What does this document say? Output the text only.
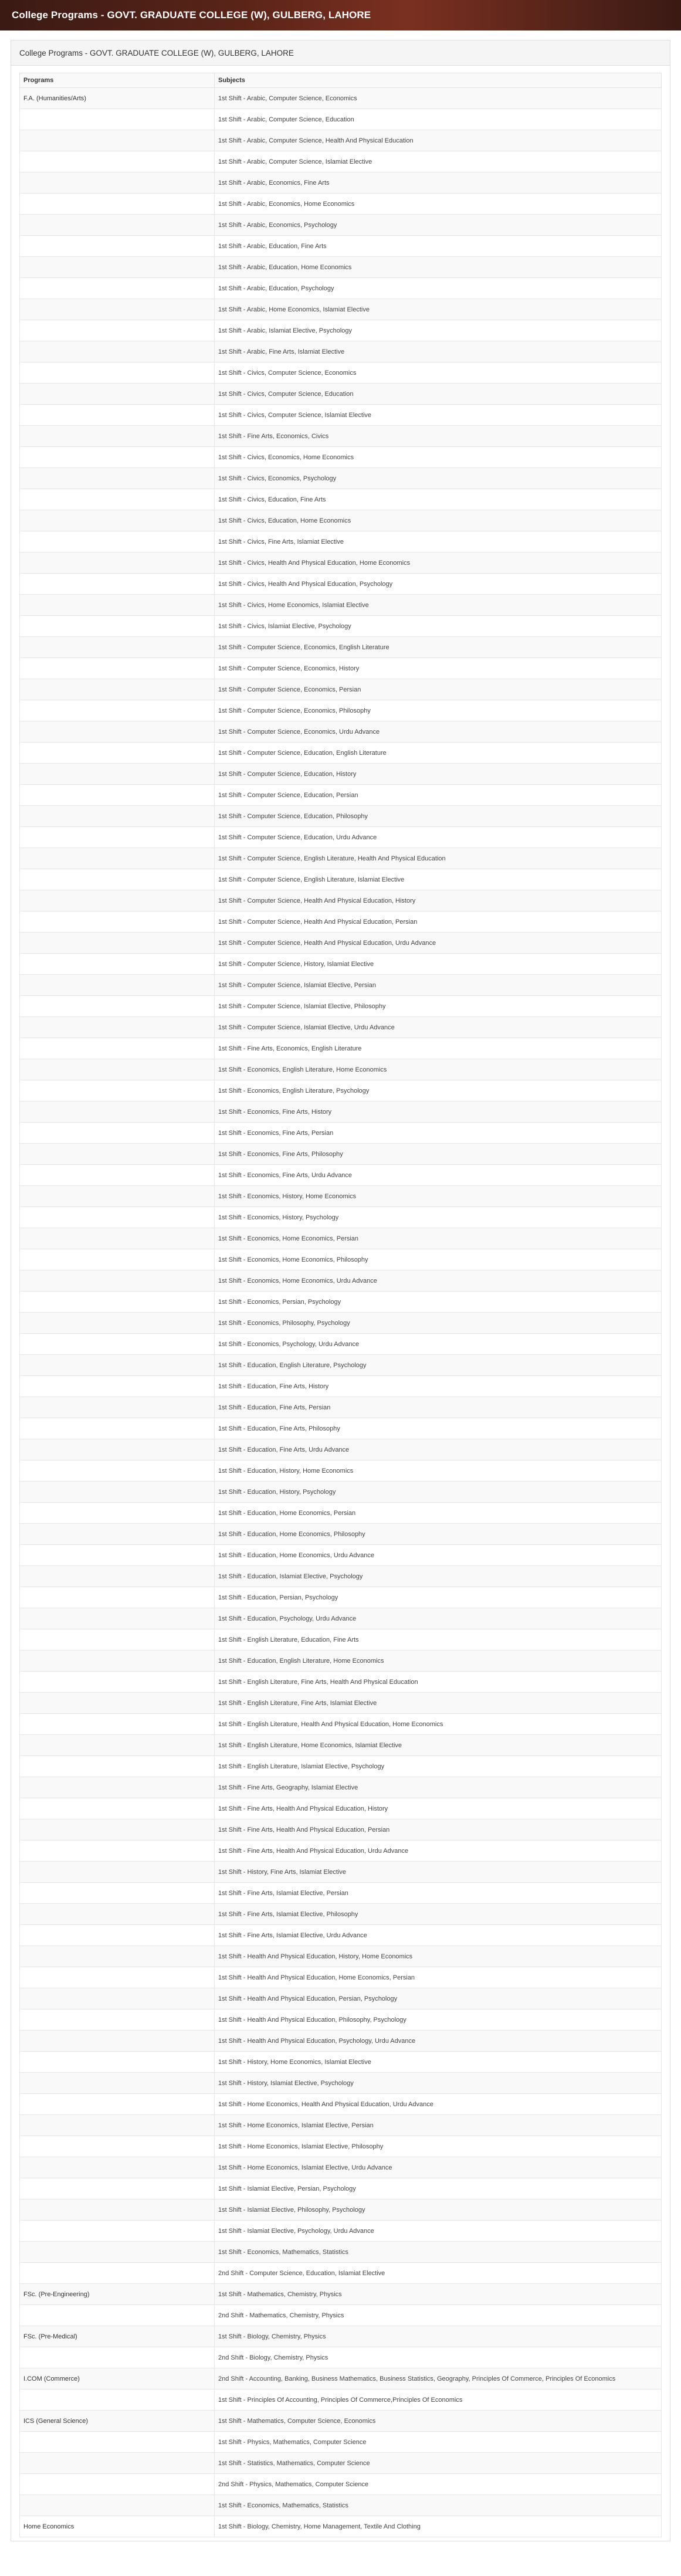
College Programs - GOVT. GRADUATE COLLEGE (W), GULBERG, LAHORE
College Programs - GOVT. GRADUATE COLLEGE (W), GULBERG, LAHORE
Programs	Subjects
F.A. (Humanities/Arts)	1st Shift - Arabic, Computer Science, Economics
	1st Shift - Arabic, Computer Science, Education
	1st Shift - Arabic, Computer Science, Health And Physical Education
	1st Shift - Arabic, Computer Science, Islamiat Elective
	1st Shift - Arabic, Economics, Fine Arts
	1st Shift - Arabic, Economics, Home Economics
	1st Shift - Arabic, Economics, Psychology
	1st Shift - Arabic, Education, Fine Arts
	1st Shift - Arabic, Education, Home Economics
	1st Shift - Arabic, Education, Psychology
	1st Shift - Arabic, Home Economics, Islamiat Elective
	1st Shift - Arabic, Islamiat Elective, Psychology
	1st Shift - Arabic, Fine Arts, Islamiat Elective
	1st Shift - Civics, Computer Science, Economics
	1st Shift - Civics, Computer Science, Education
	1st Shift - Civics, Computer Science, Islamiat Elective
	1st Shift - Fine Arts, Economics, Civics
	1st Shift - Civics, Economics, Home Economics
	1st Shift - Civics, Economics, Psychology
	1st Shift - Civics, Education, Fine Arts
	1st Shift - Civics, Education, Home Economics
	1st Shift - Civics, Fine Arts, Islamiat Elective
	1st Shift - Civics, Health And Physical Education, Home Economics
	1st Shift - Civics, Health And Physical Education, Psychology
	1st Shift - Civics, Home Economics, Islamiat Elective
	1st Shift - Civics, Islamiat Elective, Psychology
	1st Shift - Computer Science, Economics, English Literature
	1st Shift - Computer Science, Economics, History
	1st Shift - Computer Science, Economics, Persian
	1st Shift - Computer Science, Economics, Philosophy
	1st Shift - Computer Science, Economics, Urdu Advance
	1st Shift - Computer Science, Education, English Literature
	1st Shift - Computer Science, Education, History
	1st Shift - Computer Science, Education, Persian
	1st Shift - Computer Science, Education, Philosophy
	1st Shift - Computer Science, Education, Urdu Advance
	1st Shift - Computer Science, English Literature, Health And Physical Education
	1st Shift - Computer Science, English Literature, Islamiat Elective
	1st Shift - Computer Science, Health And Physical Education, History
	1st Shift - Computer Science, Health And Physical Education, Persian
	1st Shift - Computer Science, Health And Physical Education, Urdu Advance
	1st Shift - Computer Science, History, Islamiat Elective
	1st Shift - Computer Science, Islamiat Elective, Persian
	1st Shift - Computer Science, Islamiat Elective, Philosophy
	1st Shift - Computer Science, Islamiat Elective, Urdu Advance
	1st Shift - Fine Arts, Economics, English Literature
	1st Shift - Economics, English Literature, Home Economics
	1st Shift - Economics, English Literature, Psychology
	1st Shift - Economics, Fine Arts, History
	1st Shift - Economics, Fine Arts, Persian
	1st Shift - Economics, Fine Arts, Philosophy
	1st Shift - Economics, Fine Arts, Urdu Advance
	1st Shift - Economics, History, Home Economics
	1st Shift - Economics, History, Psychology
	1st Shift - Economics, Home Economics, Persian
	1st Shift - Economics, Home Economics, Philosophy
	1st Shift - Economics, Home Economics, Urdu Advance
	1st Shift - Economics, Persian, Psychology
	1st Shift - Economics, Philosophy, Psychology
	1st Shift - Economics, Psychology, Urdu Advance
	1st Shift - Education, English Literature, Psychology
	1st Shift - Education, Fine Arts, History
	1st Shift - Education, Fine Arts, Persian
	1st Shift - Education, Fine Arts, Philosophy
	1st Shift - Education, Fine Arts, Urdu Advance
	1st Shift - Education, History, Home Economics
	1st Shift - Education, History, Psychology
	1st Shift - Education, Home Economics, Persian
	1st Shift - Education, Home Economics, Philosophy
	1st Shift - Education, Home Economics, Urdu Advance
	1st Shift - Education, Islamiat Elective, Psychology
	1st Shift - Education, Persian, Psychology
	1st Shift - Education, Psychology, Urdu Advance
	1st Shift - English Literature, Education, Fine Arts
	1st Shift - Education, English Literature, Home Economics
	1st Shift - English Literature, Fine Arts, Health And Physical Education
	1st Shift - English Literature, Fine Arts, Islamiat Elective
	1st Shift - English Literature, Health And Physical Education, Home Economics
	1st Shift - English Literature, Home Economics, Islamiat Elective
	1st Shift - English Literature, Islamiat Elective, Psychology
	1st Shift - Fine Arts, Geography, Islamiat Elective
	1st Shift - Fine Arts, Health And Physical Education, History
	1st Shift - Fine Arts, Health And Physical Education, Persian
	1st Shift - Fine Arts, Health And Physical Education, Urdu Advance
	1st Shift - History, Fine Arts, Islamiat Elective
	1st Shift - Fine Arts, Islamiat Elective, Persian
	1st Shift - Fine Arts, Islamiat Elective, Philosophy
	1st Shift - Fine Arts, Islamiat Elective, Urdu Advance
	1st Shift - Health And Physical Education, History, Home Economics
	1st Shift - Health And Physical Education, Home Economics, Persian
	1st Shift - Health And Physical Education, Persian, Psychology
	1st Shift - Health And Physical Education, Philosophy, Psychology
	1st Shift - Health And Physical Education, Psychology, Urdu Advance
	1st Shift - History, Home Economics, Islamiat Elective
	1st Shift - History, Islamiat Elective, Psychology
	1st Shift - Home Economics, Health And Physical Education, Urdu Advance
	1st Shift - Home Economics, Islamiat Elective, Persian
	1st Shift - Home Economics, Islamiat Elective, Philosophy
	1st Shift - Home Economics, Islamiat Elective, Urdu Advance
	1st Shift - Islamiat Elective, Persian, Psychology
	1st Shift - Islamiat Elective, Philosophy, Psychology
	1st Shift - Islamiat Elective, Psychology, Urdu Advance
	1st Shift - Economics, Mathematics, Statistics
	2nd Shift - Computer Science, Education, Islamiat Elective
FSc. (Pre-Engineering)	1st Shift - Mathematics, Chemistry, Physics
	2nd Shift - Mathematics, Chemistry, Physics
FSc. (Pre-Medical)	1st Shift - Biology, Chemistry, Physics
	2nd Shift - Biology, Chemistry, Physics
I.COM (Commerce)	2nd Shift - Accounting, Banking, Business Mathematics, Business Statistics, Geography, Principles Of Commerce, Principles Of Economics
	1st Shift - Principles Of Accounting, Principles Of Commerce,Principles Of Economics
ICS (General Science)	1st Shift - Mathematics, Computer Science, Economics
	1st Shift - Physics, Mathematics, Computer Science
	1st Shift - Statistics, Mathematics, Computer Science
	2nd Shift - Physics, Mathematics, Computer Science
	1st Shift - Economics, Mathematics, Statistics
Home Economics	1st Shift - Biology, Chemistry, Home Management, Textile And Clothing
